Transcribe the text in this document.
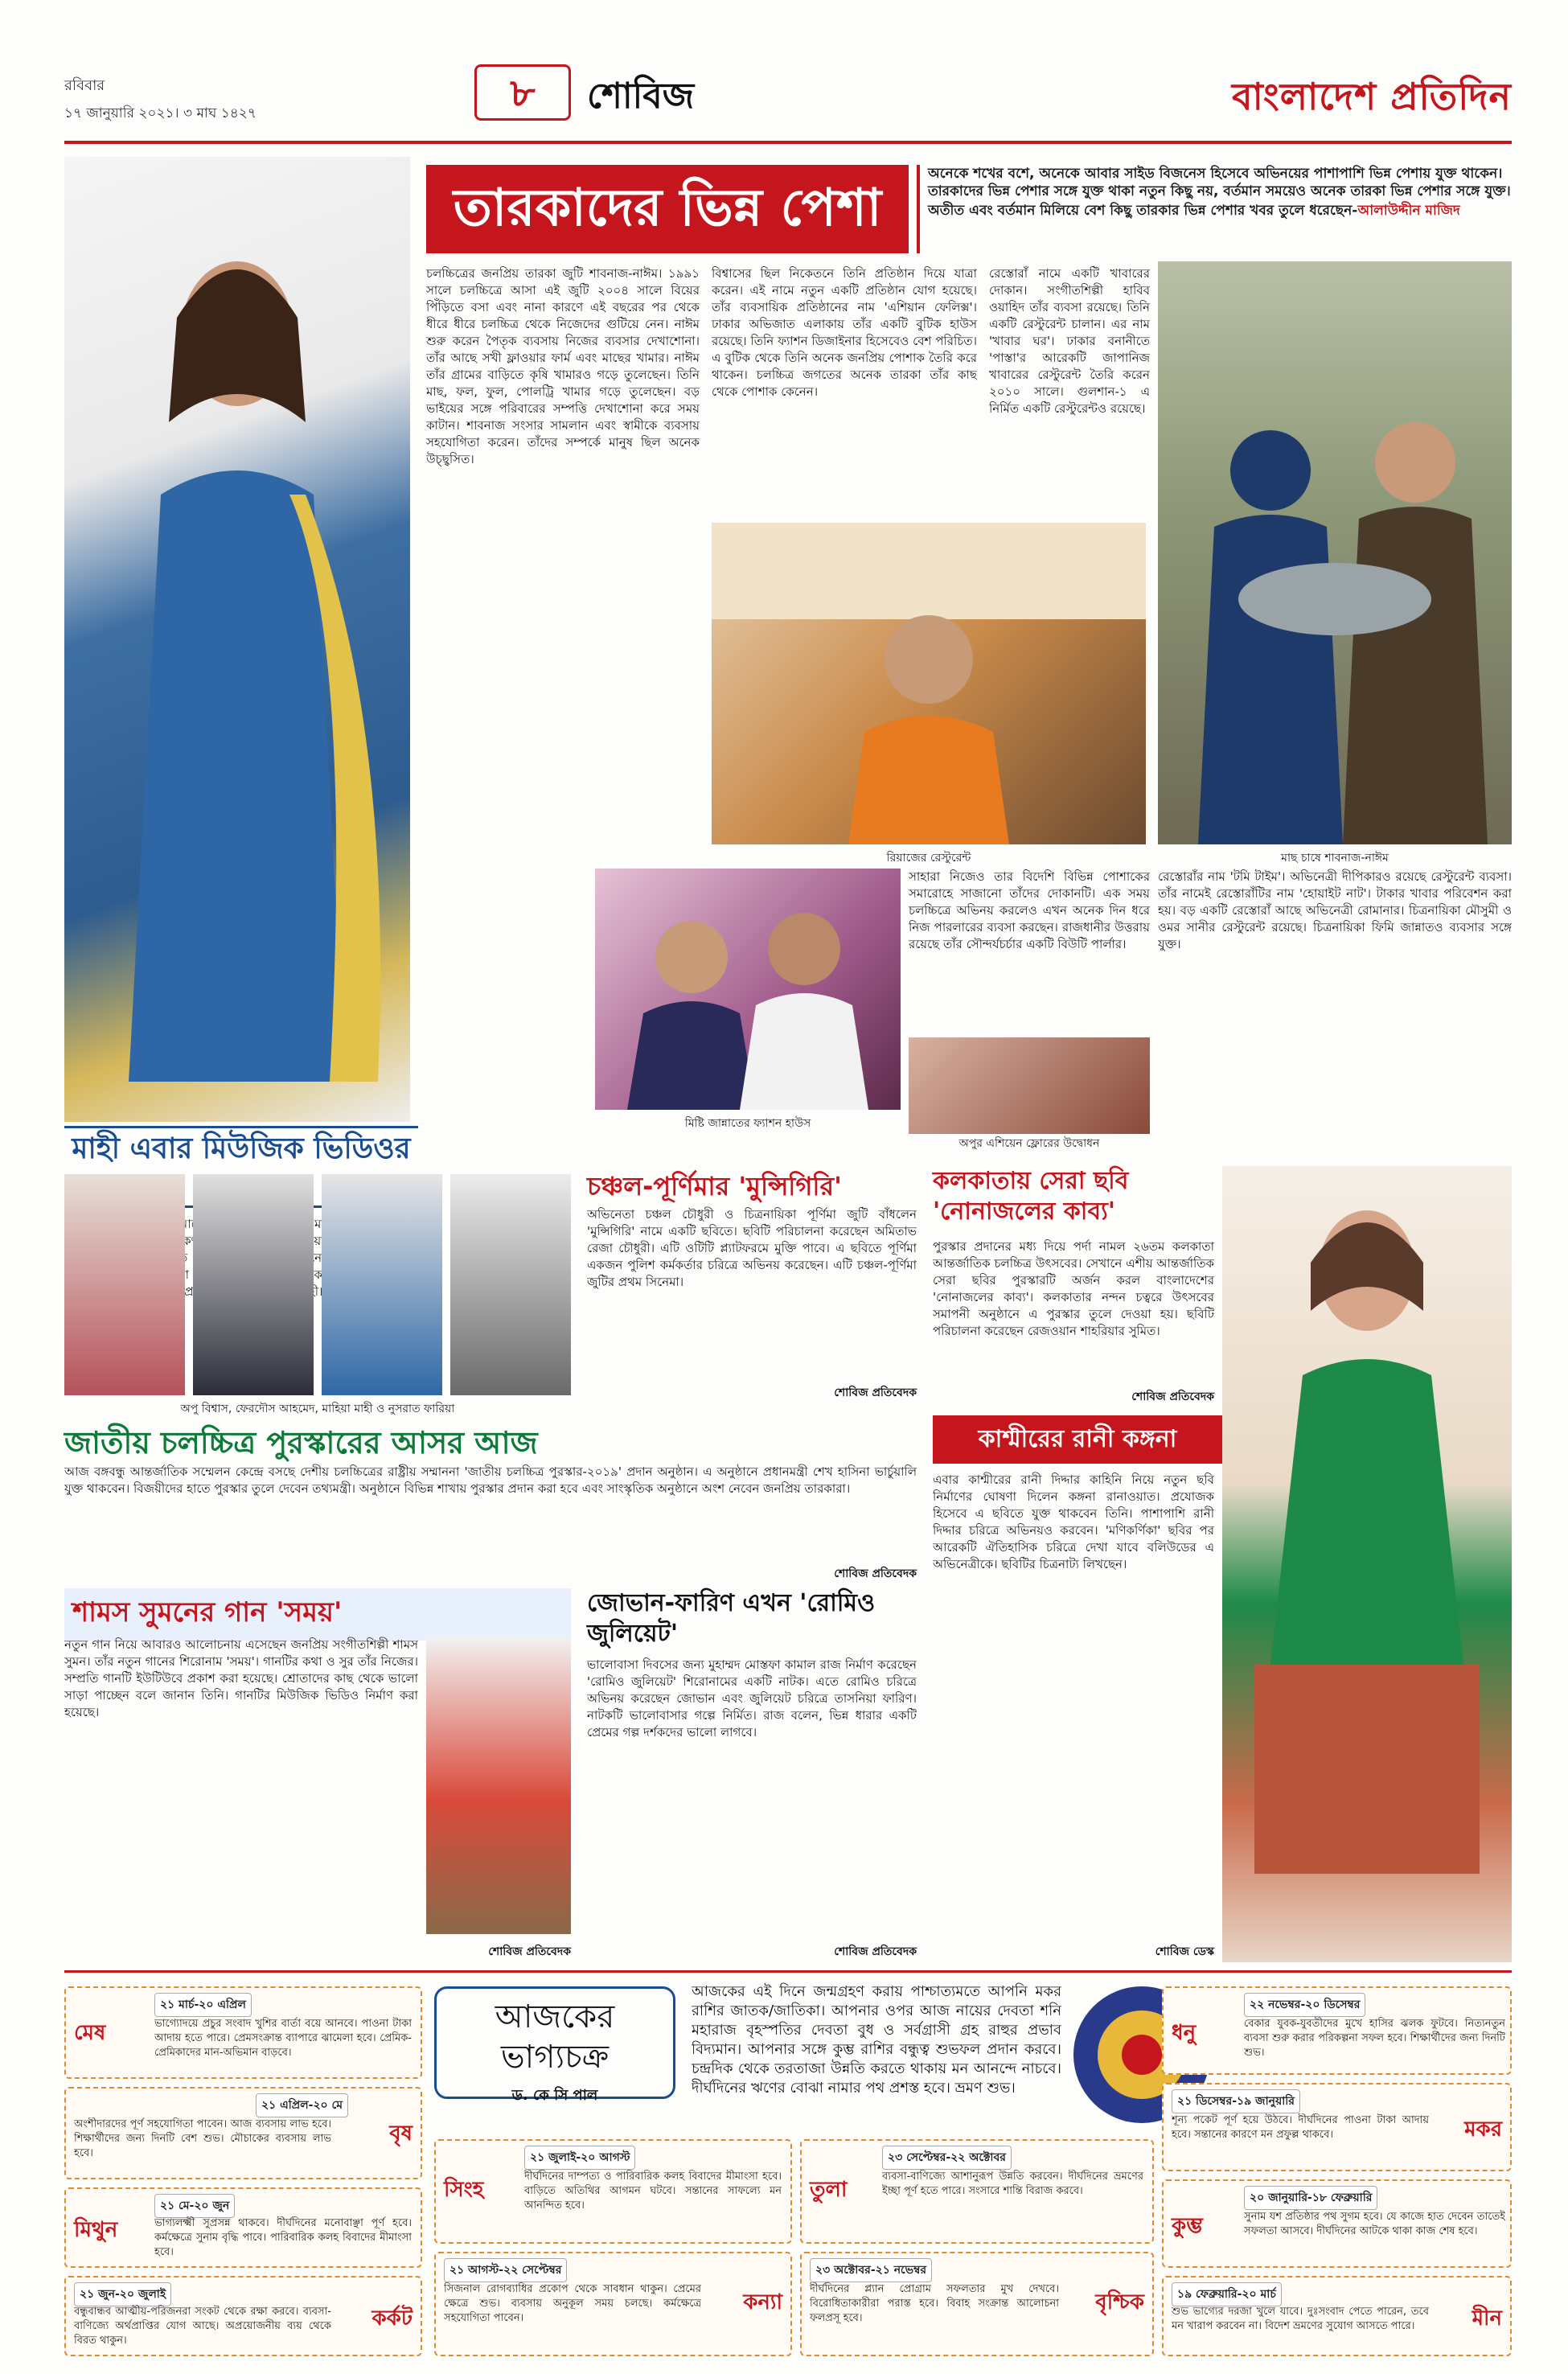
রবিবার
১৭ জানুয়ারি ২০২১। ৩ মাঘ ১৪২৭	৮	শোবিজ	বাংলাদেশ প্রতিদিন
তারকাদের ভিন্ন পেশা
অনেকে শখের বশে, অনেকে আবার সাইড বিজনেস হিসেবে অভিনয়ের পাশাপাশি ভিন্ন পেশায় যুক্ত থাকেন। তারকাদের ভিন্ন পেশার সঙ্গে যুক্ত থাকা নতুন কিছু নয়, বর্তমান সময়েও অনেক তারকা ভিন্ন পেশার সঙ্গে যুক্ত। অতীত এবং বর্তমান মিলিয়ে বেশ কিছু তারকার ভিন্ন পেশার খবর তুলে ধরেছেন-আলাউদ্দীন মাজিদ
চলচ্চিত্রের জনপ্রিয় তারকা জুটি শাবনাজ-নাঈম। ১৯৯১ সালে চলচ্চিত্রে আসা এই জুটি ২০০৪ সালে বিয়ের পিঁড়িতে বসা এবং নানা কারণে এই বছরের পর থেকে ধীরে ধীরে চলচ্চিত্র থেকে নিজেদের গুটিয়ে নেন। নাঈম শুরু করেন পৈতৃক ব্যবসায় নিজের ব্যবসার দেখাশোনা। তাঁর আছে সখী ফ্লাওয়ার ফার্ম এবং মাছের খামার। নাঈম তাঁর গ্রামের বাড়িতে কৃষি খামারও গড়ে তুলেছেন। তিনি মাছ, ফল, ফুল, পোলট্রি খামার গড়ে তুলেছেন। বড় ভাইয়ের সঙ্গে পরিবারের সম্পত্তি দেখাশোনা করে সময় কাটান। শাবনাজ সংসার সামলান এবং স্বামীকে ব্যবসায় সহযোগিতা করেন। তাঁদের সম্পর্কে মানুষ ছিল অনেক উচ্ছ্বসিত।
বিশ্বাসের ছিল নিকেতনে তিনি প্রতিষ্ঠান দিয়ে যাত্রা করেন। এই নামে নতুন একটি প্রতিষ্ঠান যোগ হয়েছে। তাঁর ব্যবসায়িক প্রতিষ্ঠানের নাম 'এশিয়ান ফেলিক্স'। ঢাকার অভিজাত এলাকায় তাঁর একটি বুটিক হাউস রয়েছে। তিনি ফ্যাশন ডিজাইনার হিসেবেও বেশ পরিচিত। এ বুটিক থেকে তিনি অনেক জনপ্রিয় পোশাক তৈরি করে থাকেন। চলচ্চিত্র জগতের অনেক তারকা তাঁর কাছ থেকে পোশাক কেনেন।
রেস্তোরাঁ নামে একটি খাবারের দোকান। সংগীতশিল্পী হাবিব ওয়াহিদ তাঁর ব্যবসা রয়েছে। তিনি একটি রেস্টুরেন্ট চালান। এর নাম 'খাবার ঘর'। ঢাকার বনানীতে 'পাস্তা'র আরেকটি জাপানিজ খাবারের রেস্টুরেন্ট তৈরি করেন ২০১০ সালে। গুলশান-১ এ নির্মিত একটি রেস্টুরেন্টও রয়েছে।
রিয়াজের রেস্টুরেন্ট	মাছ চাষে শাবনাজ-নাঈম
মিষ্টি জান্নাতের ফ্যাশন হাউস
সাহারা নিজেও তার বিদেশি বিভিন্ন পোশাকের সমারোহে সাজানো তাঁদের দোকানটি। এক সময় চলচ্চিত্রে অভিনয় করলেও এখন অনেক দিন ধরে নিজ পারলারের ব্যবসা করছেন। রাজধানীর উত্তরায় রয়েছে তাঁর সৌন্দর্যচর্চার একটি বিউটি পার্লার।
অপুর এশিয়েন ফ্লোরের উদ্বোধন
রেস্তোরাঁর নাম 'টমি টাইম'। অভিনেত্রী দীপিকারও রয়েছে রেস্টুরেন্ট ব্যবসা। তাঁর নামেই রেস্তোরাঁটির নাম 'হোয়াইট নাট'। টাকার খাবার পরিবেশন করা হয়। বড় একটি রেস্তোরাঁ আছে অভিনেত্রী রোমানার। চিত্রনায়িকা মৌসুমী ও ওমর সানীর রেস্টুরেন্ট রয়েছে। চিত্রনায়িকা ফিমি জান্নাতও ব্যবসার সঙ্গে যুক্ত।
মাহী এবার মিউজিক ভিডিওর
অপু বিশ্বাস, ফেরদৌস আহমেদ, মাহিয়া মাহী ও নুসরাত ফারিয়া
জাতীয় চলচ্চিত্র পুরস্কারের আসর আজ
আজ বঙ্গবন্ধু আন্তর্জাতিক সম্মেলন কেন্দ্রে বসছে দেশীয় চলচ্চিত্রের রাষ্ট্রীয় সম্মাননা 'জাতীয় চলচ্চিত্র পুরস্কার-২০১৯' প্রদান অনুষ্ঠান। এ অনুষ্ঠানে প্রধানমন্ত্রী শেখ হাসিনা ভার্চুয়ালি যুক্ত থাকবেন। বিজয়ীদের হাতে পুরস্কার তুলে দেবেন তথ্যমন্ত্রী। অনুষ্ঠানে বিভিন্ন শাখায় পুরস্কার প্রদান করা হবে এবং সাংস্কৃতিক অনুষ্ঠানে অংশ নেবেন জনপ্রিয় তারকারা।
শোবিজ প্রতিবেদক
চঞ্চল-পূর্ণিমার 'মুন্সিগিরি'
অভিনেতা চঞ্চল চৌধুরী ও চিত্রনায়িকা পূর্ণিমা জুটি বাঁধলেন 'মুন্সিগিরি' নামে একটি ছবিতে। ছবিটি পরিচালনা করেছেন অমিতাভ রেজা চৌধুরী। এটি ওটিটি প্ল্যাটফরমে মুক্তি পাবে। এ ছবিতে পূর্ণিমা একজন পুলিশ কর্মকর্তার চরিত্রে অভিনয় করেছেন। এটি চঞ্চল-পূর্ণিমা জুটির প্রথম সিনেমা।
শোবিজ প্রতিবেদক
কলকাতায় সেরা ছবি 'নোনাজলের কাব্য'
পুরস্কার প্রদানের মধ্য দিয়ে পর্দা নামল ২৬তম কলকাতা আন্তর্জাতিক চলচ্চিত্র উৎসবের। সেখানে এশীয় আন্তর্জাতিক সেরা ছবির পুরস্কারটি অর্জন করল বাংলাদেশের 'নোনাজলের কাব্য'। কলকাতার নন্দন চত্বরে উৎসবের সমাপনী অনুষ্ঠানে এ পুরস্কার তুলে দেওয়া হয়। ছবিটি পরিচালনা করেছেন রেজওয়ান শাহরিয়ার সুমিত।
শোবিজ প্রতিবেদক
কাশ্মীরের রানী কঙ্গনা
এবার কাশ্মীরের রানী দিদ্দার কাহিনি নিয়ে নতুন ছবি নির্মাণের ঘোষণা দিলেন কঙ্গনা রানাওয়াত। প্রযোজক হিসেবে এ ছবিতে যুক্ত থাকবেন তিনি। পাশাপাশি রানী দিদ্দার চরিত্রে অভিনয়ও করবেন। 'মণিকর্ণিকা' ছবির পর আরেকটি ঐতিহাসিক চরিত্রে দেখা যাবে বলিউডের এ অভিনেত্রীকে। ছবিটির চিত্রনাট্য লিখছেন।
শোবিজ ডেস্ক
জোভান-ফারিণ এখন 'রোমিও জুলিয়েট'
ভালোবাসা দিবসের জন্য মুহাম্মদ মোস্তফা কামাল রাজ নির্মাণ করেছেন 'রোমিও জুলিয়েট' শিরোনামের একটি নাটক। এতে রোমিও চরিত্রে অভিনয় করেছেন জোভান এবং জুলিয়েট চরিত্রে তাসনিয়া ফারিণ। নাটকটি ভালোবাসার গল্পে নির্মিত। রাজ বলেন, ভিন্ন ধারার একটি প্রেমের গল্প দর্শকদের ভালো লাগবে।
শোবিজ প্রতিবেদক
শামস সুমনের গান 'সময়'
নতুন গান নিয়ে আবারও আলোচনায় এসেছেন জনপ্রিয় সংগীতশিল্পী শামস সুমন। তাঁর নতুন গানের শিরোনাম 'সময়'। গানটির কথা ও সুর তাঁর নিজের। সম্প্রতি গানটি ইউটিউবে প্রকাশ করা হয়েছে। শ্রোতাদের কাছ থেকে ভালো সাড়া পাচ্ছেন বলে জানান তিনি। গানটির মিউজিক ভিডিও নির্মাণ করা হয়েছে।
শোবিজ প্রতিবেদক
আজকের ভাগ্যচক্র
ড. কে সি পাল
আজকের এই দিনে জন্মগ্রহণ করায় পাশ্চাত্যমতে আপনি মকর রাশির জাতক/জাতিকা। আপনার ওপর আজ নায়ের দেবতা শনি মহারাজ বৃহস্পতির দেবতা বুধ ও সর্বগ্রাসী গ্রহ রাহুর প্রভাব বিদ্যমান। আপনার সঙ্গে কুম্ভ রাশির বন্ধুত্ব শুভফল প্রদান করবে। চন্দ্রদিক থেকে তরতাজা উন্নতি করতে থাকায় মন আনন্দে নাচবে। দীর্ঘদিনের ঋণের বোঝা নামার পথ প্রশস্ত হবে। ভ্রমণ শুভ।
মেষ
২১ মার্চ-২০ এপ্রিল
ভাগ্যোদয়ে প্রচুর সংবাদ খুশির বার্তা বয়ে আনবে। পাওনা টাকা আদায় হতে পারে। প্রেমসংক্রান্ত ব্যাপারে ঝামেলা হবে। প্রেমিক-প্রেমিকাদের মান-অভিমান বাড়বে।
বৃষ
২১ এপ্রিল-২০ মে
অংশীদারদের পূর্ণ সহযোগিতা পাবেন। আজ ব্যবসায় লাভ হবে। শিক্ষার্থীদের জন্য দিনটি বেশ শুভ। মৌচাকের ব্যবসায় লাভ হবে।
মিথুন
২১ মে-২০ জুন
ভাগ্যলক্ষ্মী সুপ্রসন্ন থাকবে। দীর্ঘদিনের মনোবাঞ্ছা পূর্ণ হবে। কর্মক্ষেত্রে সুনাম বৃদ্ধি পাবে। পারিবারিক কলহ বিবাদের মীমাংসা হবে।
কর্কট
২১ জুন-২০ জুলাই
বন্ধুবান্ধব আত্মীয়-পরিজনরা সংকট থেকে রক্ষা করবে। ব্যবসা-বাণিজ্যে অর্থপ্রাপ্তির যোগ আছে। অপ্রয়োজনীয় ব্যয় থেকে বিরত থাকুন।
সিংহ
২১ জুলাই-২০ আগস্ট
দীর্ঘদিনের দাম্পত্য ও পারিবারিক কলহ বিবাদের মীমাংসা হবে। বাড়িতে অতিথির আগমন ঘটবে। সন্তানের সাফল্যে মন আনন্দিত হবে।
কন্যা
২১ আগস্ট-২২ সেপ্টেম্বর
সিজনাল রোগব্যাধির প্রকোপ থেকে সাবধান থাকুন। প্রেমের ক্ষেত্রে শুভ। ব্যবসায় অনুকূল সময় চলছে। কর্মক্ষেত্রে সহযোগিতা পাবেন।
তুলা
২৩ সেপ্টেম্বর-২২ অক্টোবর
ব্যবসা-বাণিজ্যে আশানুরূপ উন্নতি করবেন। দীর্ঘদিনের ভ্রমণের ইচ্ছা পূর্ণ হতে পারে। সংসারে শান্তি বিরাজ করবে।
বৃশ্চিক
২৩ অক্টোবর-২১ নভেম্বর
দীর্ঘদিনের প্ল্যান প্রোগ্রাম সফলতার মুখ দেখবে। বিরোধিতাকারীরা পরাস্ত হবে। বিবাহ সংক্রান্ত আলোচনা ফলপ্রসূ হবে।
ধনু
২২ নভেম্বর-২০ ডিসেম্বর
বেকার যুবক-যুবতীদের মুখে হাসির ঝলক ফুটবে। নিত্যনতুন ব্যবসা শুরু করার পরিকল্পনা সফল হবে। শিক্ষার্থীদের জন্য দিনটি শুভ।
মকর
২১ ডিসেম্বর-১৯ জানুয়ারি
শূন্য পকেট পূর্ণ হয়ে উঠবে। দীর্ঘদিনের পাওনা টাকা আদায় হবে। সন্তানের কারণে মন প্রফুল্ল থাকবে।
কুম্ভ
২০ জানুয়ারি-১৮ ফেব্রুয়ারি
সুনাম যশ প্রতিষ্ঠার পথ সুগম হবে। যে কাজে হাত দেবেন তাতেই সফলতা আসবে। দীর্ঘদিনের আটকে থাকা কাজ শেষ হবে।
মীন
১৯ ফেব্রুয়ারি-২০ মার্চ
শুভ ভাগ্যের দরজা খুলে যাবে। দুঃসংবাদ পেতে পারেন, তবে মন খারাপ করবেন না। বিদেশ ভ্রমণের সুযোগ আসতে পারে।
